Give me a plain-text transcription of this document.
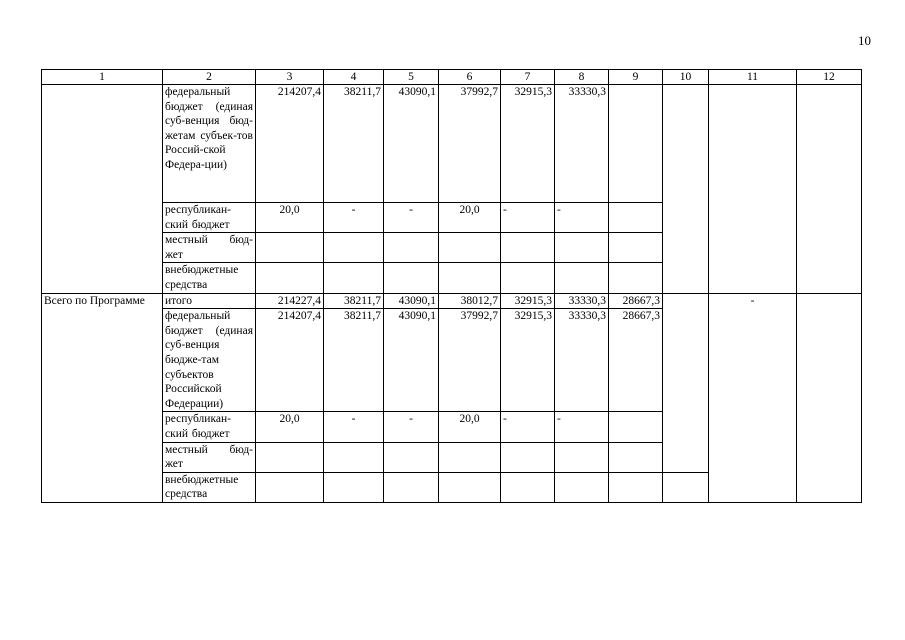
10
1	2	3	4	5	6	7	8	9	10	11	12
	федеральный бюджет (единая суб-венция бюд-жетам субъек-тов Россий-ской Федера-ции)	214207,4	38211,7	43090,1	37992,7	32915,3	33330,3				
	республикан-ский бюджет	20,0	-	-	20,0	-	-				
	местный бюд-жет										
	внебюджетные средства										
Всего по Программе	итого	214227,4	38211,7	43090,1	38012,7	32915,3	33330,3	28667,3		-	
	федеральный бюджет (единая суб-венция бюдже-там субъектов Российской Федерации)	214207,4	38211,7	43090,1	37992,7	32915,3	33330,3	28667,3			
	республикан-ский бюджет	20,0	-	-	20,0	-	-				
	местный бюд-жет										
	внебюджетные средства										
